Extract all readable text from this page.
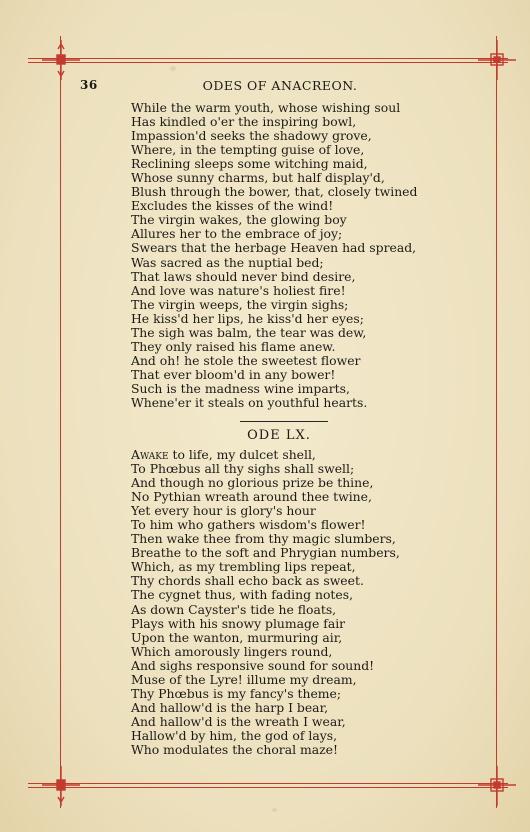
36	ODES OF ANACREON.
While the warm youth, whose wishing soul
Has kindled o'er the inspiring bowl,
Impassion'd seeks the shadowy grove,
Where, in the tempting guise of love,
Reclining sleeps some witching maid,
Whose sunny charms, but half display'd,
Blush through the bower, that, closely twined
Excludes the kisses of the wind!
The virgin wakes, the glowing boy
Allures her to the embrace of joy;
Swears that the herbage Heaven had spread,
Was sacred as the nuptial bed;
That laws should never bind desire,
And love was nature's holiest fire!
The virgin weeps, the virgin sighs;
He kiss'd her lips, he kiss'd her eyes;
The sigh was balm, the tear was dew,
They only raised his flame anew.
And oh! he stole the sweetest flower
That ever bloom'd in any bower!
Such is the madness wine imparts,
Whene'er it steals on youthful hearts.
ODE LX.
Awake to life, my dulcet shell,
To Phœbus all thy sighs shall swell;
And though no glorious prize be thine,
No Pythian wreath around thee twine,
Yet every hour is glory's hour
To him who gathers wisdom's flower!
Then wake thee from thy magic slumbers,
Breathe to the soft and Phrygian numbers,
Which, as my trembling lips repeat,
Thy chords shall echo back as sweet.
The cygnet thus, with fading notes,
As down Cayster's tide he floats,
Plays with his snowy plumage fair
Upon the wanton, murmuring air,
Which amorously lingers round,
And sighs responsive sound for sound!
Muse of the Lyre! illume my dream,
Thy Phœbus is my fancy's theme;
And hallow'd is the harp I bear,
And hallow'd is the wreath I wear,
Hallow'd by him, the god of lays,
Who modulates the choral maze!
